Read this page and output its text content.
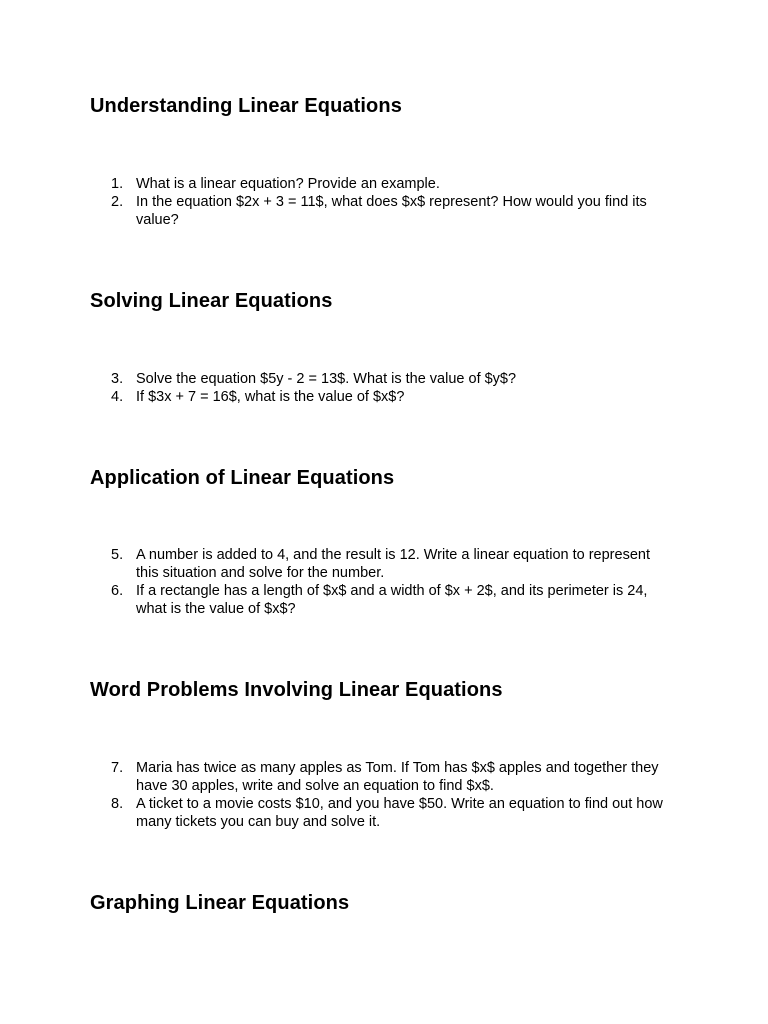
Understanding Linear Equations
1. What is a linear equation? Provide an example.
2. In the equation $2x + 3 = 11$, what does $x$ represent? How would you find its value?
Solving Linear Equations
3. Solve the equation $5y - 2 = 13$. What is the value of $y$?
4. If $3x + 7 = 16$, what is the value of $x$?
Application of Linear Equations
5. A number is added to 4, and the result is 12. Write a linear equation to represent this situation and solve for the number.
6. If a rectangle has a length of $x$ and a width of $x + 2$, and its perimeter is 24, what is the value of $x$?
Word Problems Involving Linear Equations
7. Maria has twice as many apples as Tom. If Tom has $x$ apples and together they have 30 apples, write and solve an equation to find $x$.
8. A ticket to a movie costs $10, and you have $50. Write an equation to find out how many tickets you can buy and solve it.
Graphing Linear Equations
